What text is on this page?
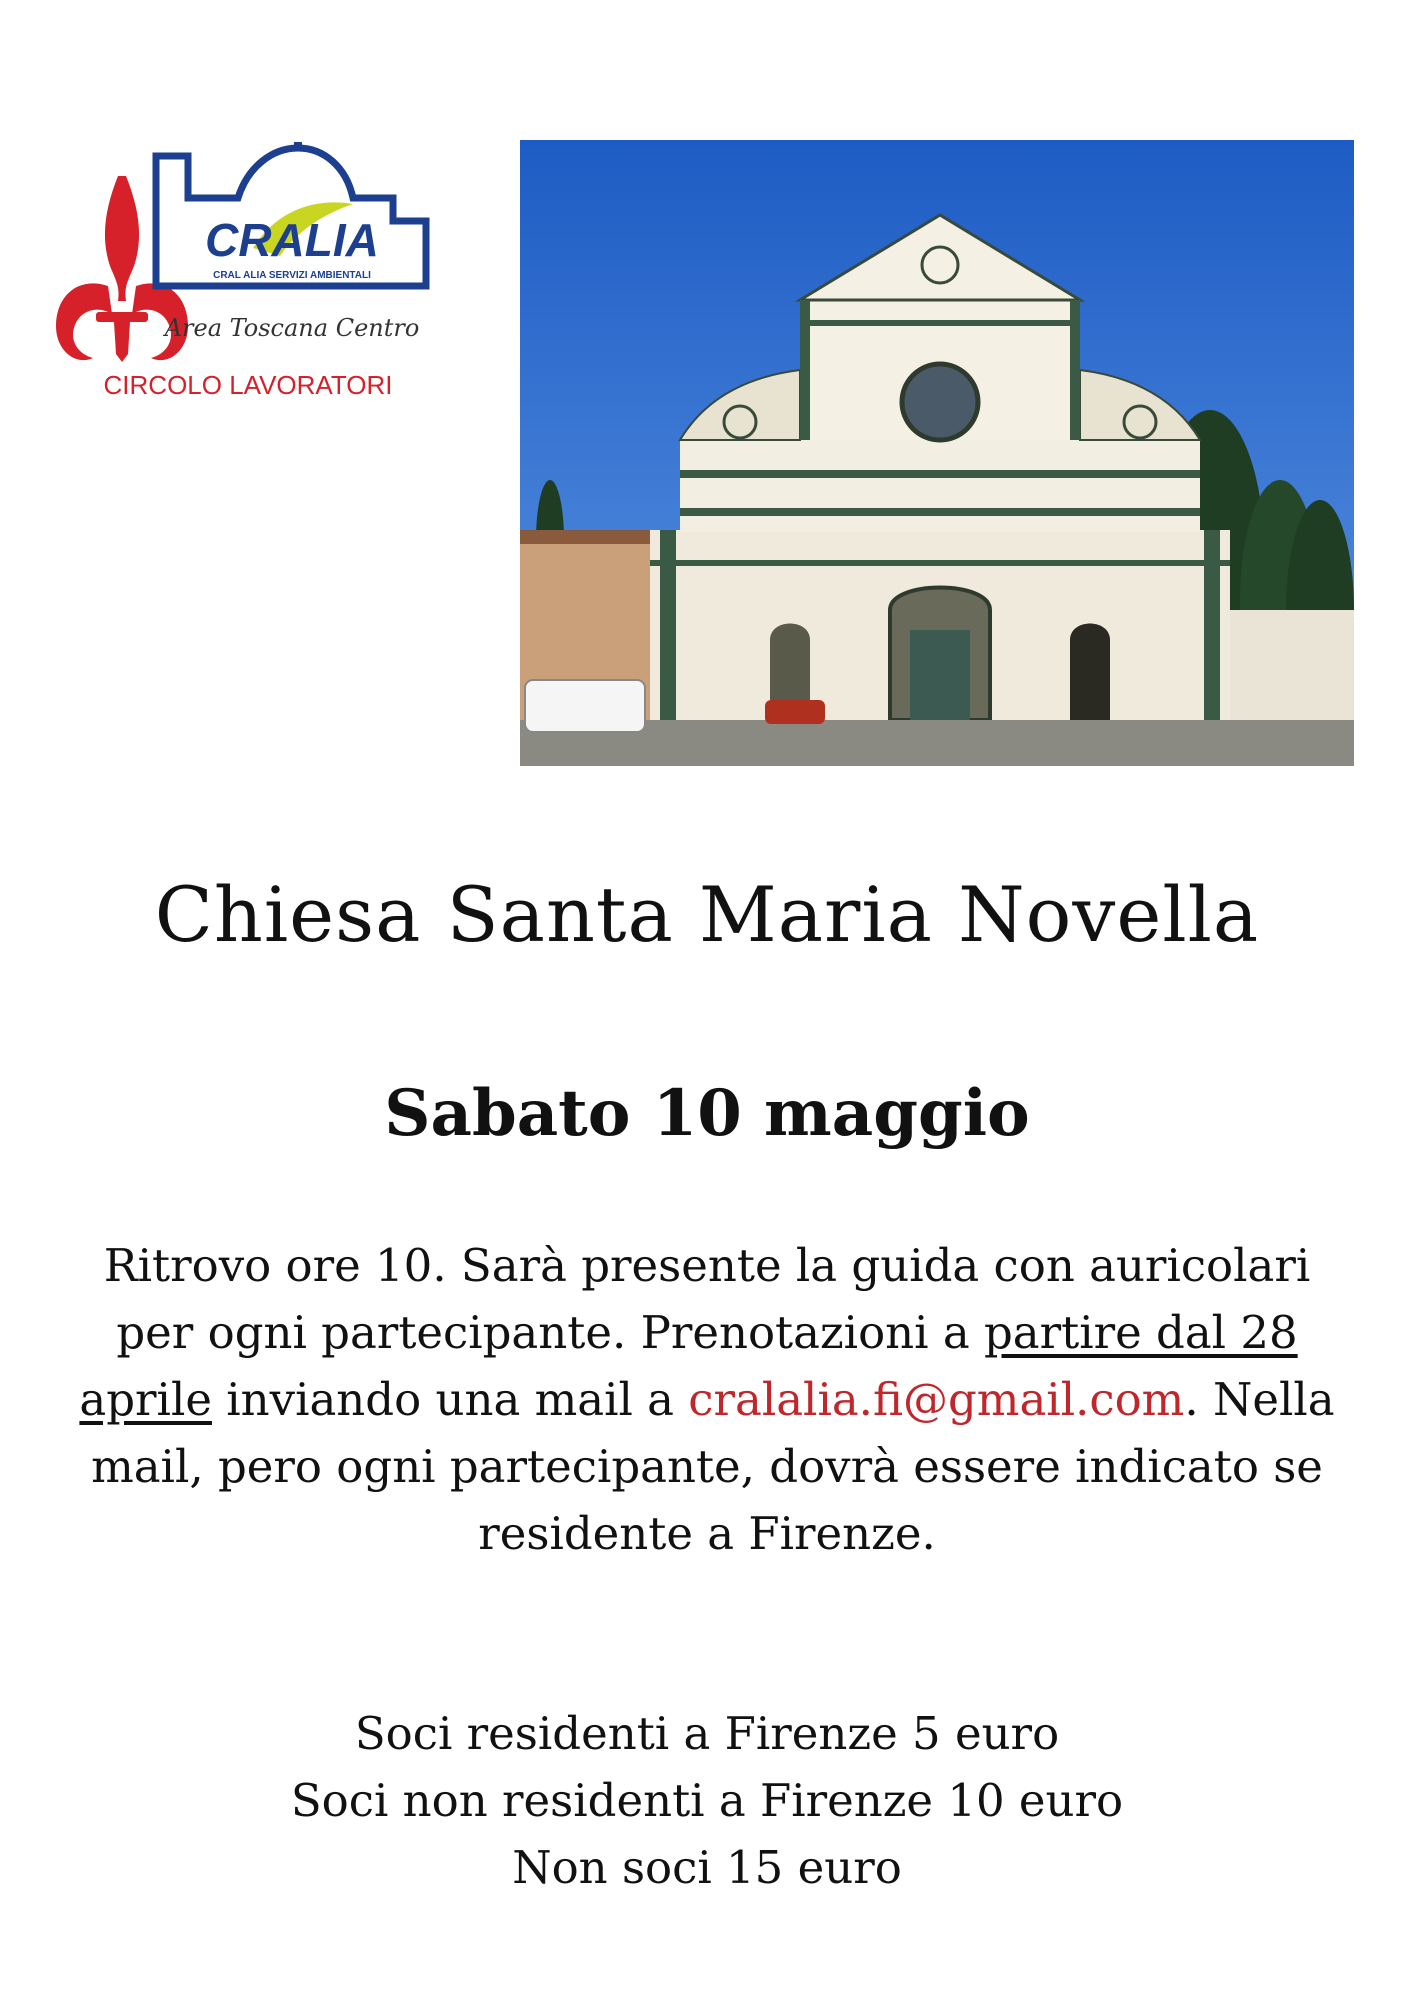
CRALIA
CRAL ALIA SERVIZI AMBIENTALI
Area Toscana Centro
CIRCOLO LAVORATORI
Chiesa Santa Maria Novella
Sabato 10 maggio

Ritrovo ore 10. Sarà presente la guida con auricolari per ogni partecipante. Prenotazioni a partire dal 28 aprile inviando una mail a cralalia.fi@gmail.com. Nella mail, pero ogni partecipante, dovrà essere indicato se residente a Firenze.

Soci residenti a Firenze 5 euro
Soci non residenti a Firenze 10 euro
Non soci 15 euro
